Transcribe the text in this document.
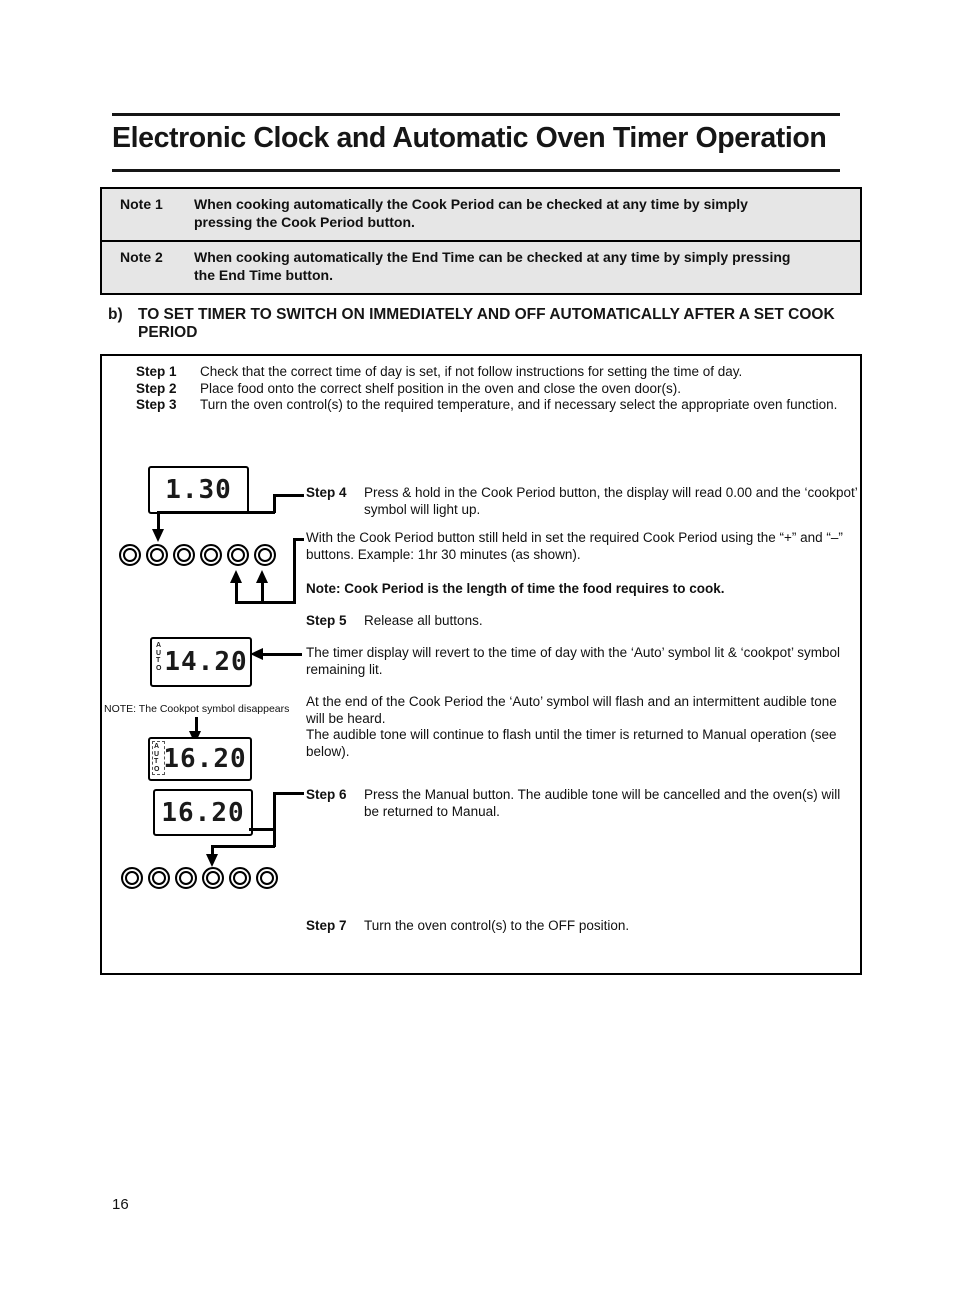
Electronic Clock and Automatic Oven Timer Operation
Note 1	When cooking automatically the Cook Period can be checked at any time by simply pressing the Cook Period button.
Note 2	When cooking automatically the End Time can be checked at any time by simply pressing the End Time button.
b) TO SET TIMER TO SWITCH ON IMMEDIATELY AND OFF AUTOMATICALLY AFTER A SET COOK PERIOD
Step 1	Check that the correct time of day is set, if not follow instructions for setting the time of day.
Step 2	Place food onto the correct shelf position in the oven and close the oven door(s).
Step 3	Turn the oven control(s) to the required temperature, and if necessary select the appropriate oven function.
1.30	Step 4	Press & hold in the Cook Period button, the display will read 0.00 and the ‘cookpot’ symbol will light up.
With the Cook Period button still held in set the required Cook Period using the “+” and “–” buttons. Example: 1hr 30 minutes (as shown).
Note: Cook Period is the length of time the food requires to cook.
Step 5	Release all buttons.
AUTO 14.20	The timer display will revert to the time of day with the ‘Auto’ symbol lit & ‘cookpot’ symbol remaining lit.
At the end of the Cook Period the ‘Auto’ symbol will flash and an intermittent audible tone will be heard.
The audible tone will continue to flash until the timer is returned to Manual operation (see below).
NOTE: The Cookpot symbol disappears
AUTO 16.20
16.20
Step 6	Press the Manual button. The audible tone will be cancelled and the oven(s) will be returned to Manual.
Step 7	Turn the oven control(s) to the OFF position.
16
